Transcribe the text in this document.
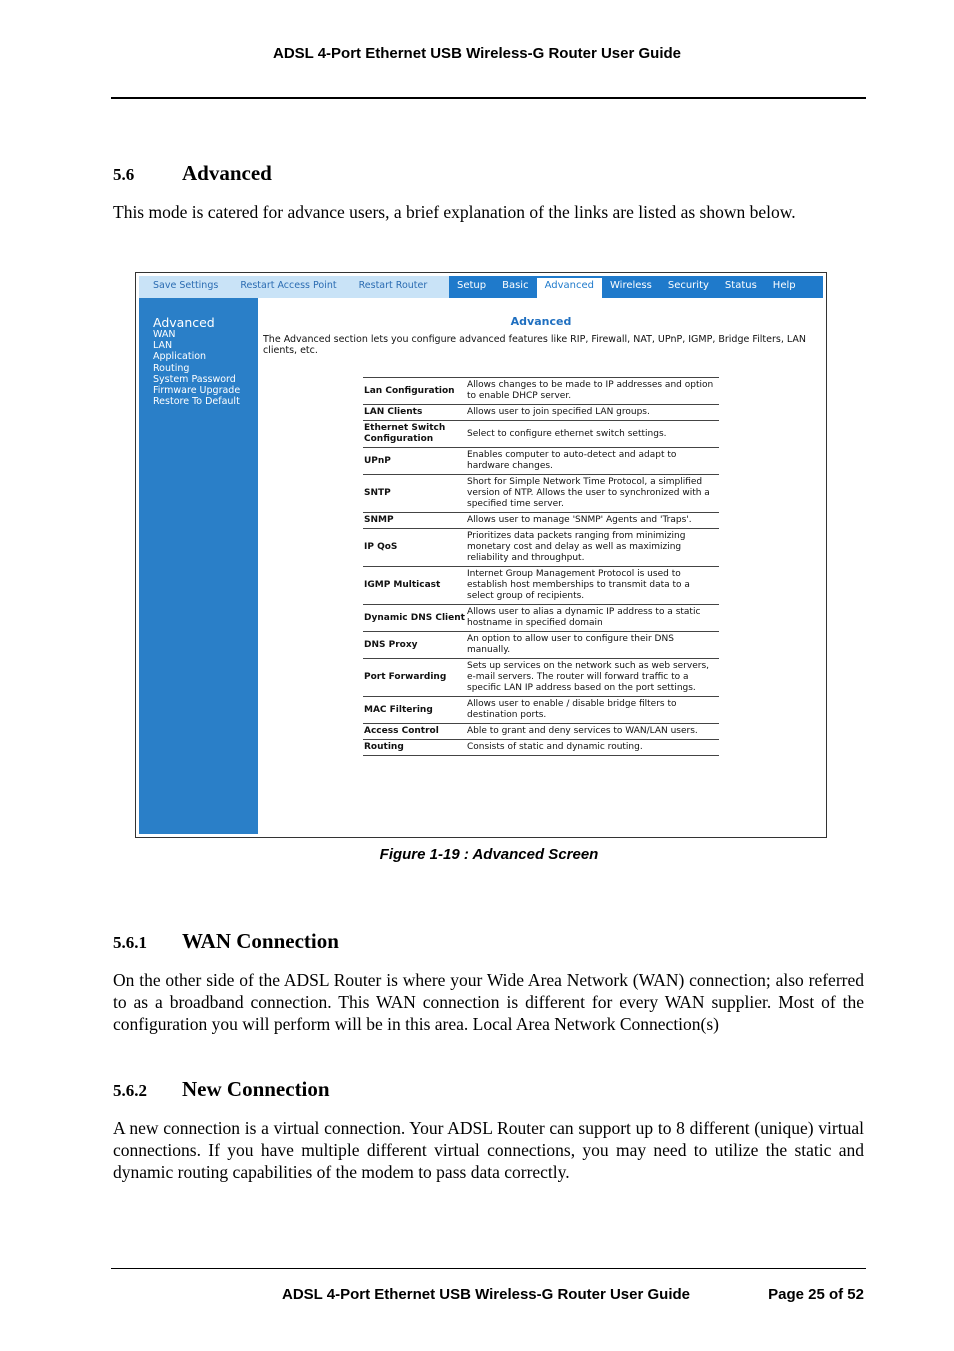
ADSL 4-Port Ethernet USB Wireless-G Router User Guide
5.6 Advanced
This mode is catered for advance users, a brief explanation of the links are listed as shown below.
Save Settings	Restart Access Point	Restart Router	Setup	Basic	Advanced	Wireless	Security	Status	Help
Advanced
WAN
LAN
Application
Routing
System Password
Firmware Upgrade
Restore To Default
Advanced
The Advanced section lets you configure advanced features like RIP, Firewall, NAT, UPnP, IGMP, Bridge Filters, LAN clients, etc.
Lan Configuration	Allows changes to be made to IP addresses and option to enable DHCP server.
LAN Clients	Allows user to join specified LAN groups.
Ethernet Switch Configuration	Select to configure ethernet switch settings.
UPnP	Enables computer to auto-detect and adapt to hardware changes.
SNTP	Short for Simple Network Time Protocol, a simplified version of NTP. Allows the user to synchronized with a specified time server.
SNMP	Allows user to manage 'SNMP' Agents and 'Traps'.
IP QoS	Prioritizes data packets ranging from minimizing monetary cost and delay as well as maximizing reliability and throughput.
IGMP Multicast	Internet Group Management Protocol is used to establish host memberships to transmit data to a select group of recipients.
Dynamic DNS Client	Allows user to alias a dynamic IP address to a static hostname in specified domain
DNS Proxy	An option to allow user to configure their DNS manually.
Port Forwarding	Sets up services on the network such as web servers, e-mail servers. The router will forward traffic to a specific LAN IP address based on the port settings.
MAC Filtering	Allows user to enable / disable bridge filters to destination ports.
Access Control	Able to grant and deny services to WAN/LAN users.
Routing	Consists of static and dynamic routing.
Figure 1-19 : Advanced Screen
5.6.1 WAN Connection
On the other side of the ADSL Router is where your Wide Area Network (WAN) connection; also referred to as a broadband connection. This WAN connection is different for every WAN supplier. Most of the configuration you will perform will be in this area. Local Area Network Connection(s)
5.6.2 New Connection
A new connection is a virtual connection. Your ADSL Router can support up to 8 different (unique) virtual connections. If you have multiple different virtual connections, you may need to utilize the static and dynamic routing capabilities of the modem to pass data correctly.
ADSL 4-Port Ethernet USB Wireless-G Router User Guide	Page 25 of 52
